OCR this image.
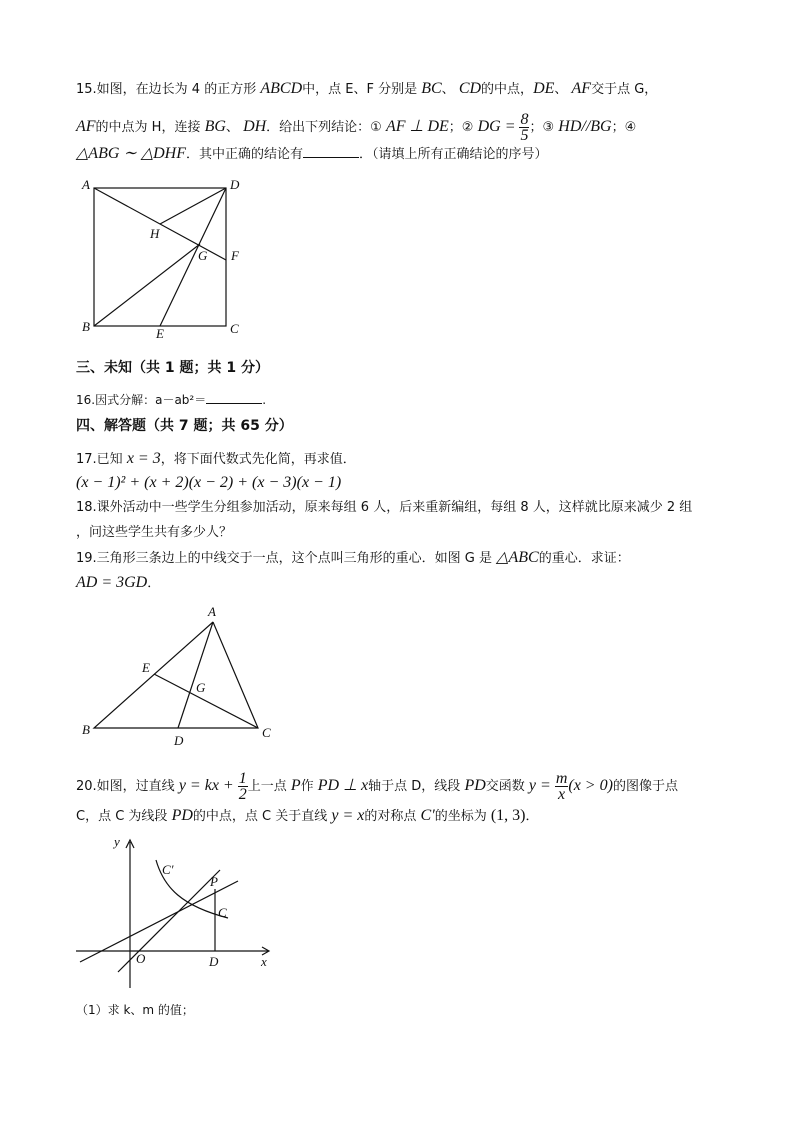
15.如图，在边长为 4 的正方形 ABCD中，点 E、F 分别是 BC、 CD的中点，DE、 AF交于点 G，
AF的中点为 H，连接 BG、 DH．给出下列结论：① AF ⊥ DE；② DG = $\frac{8}{5}$ ；③ HD//BG；④
△ABG ∼ △DHF．其中正确的结论有	．（请填上所有正确结论的序号）
A	D
H
G F
B	E	C
三、未知（共 1 题；共 1 分）
16.因式分解：a－ab²＝	.
四、解答题（共 7 题；共 65 分）
17.已知 x = 3，将下面代数式先化简，再求值．
(x − 1)² + (x + 2)(x − 2) + (x − 3)(x − 1)
18.课外活动中一些学生分组参加活动，原来每组 6 人，后来重新编组，每组 8 人，这样就比原来减少 2 组
，问这些学生共有多少人？
19.三角形三条边上的中线交于一点，这个点叫三角形的重心．如图 G 是 △ABC的重心．求证：
AD = 3GD．
A
E
G
B
D
C
20.如图，过直线 y = kx + $\frac{1}{2}$ 上一点 P作 PD ⊥ x轴于点 D，线段 PD交函数 $y = \frac{m}{x} (x > 0)$的图像于点
C，点 C 为线段 PD的中点，点 C 关于直线 y = x的对称点 C′的坐标为 (1, 3)．
y
C′
P
C
O	D	x
（1）求 k、m 的值；
